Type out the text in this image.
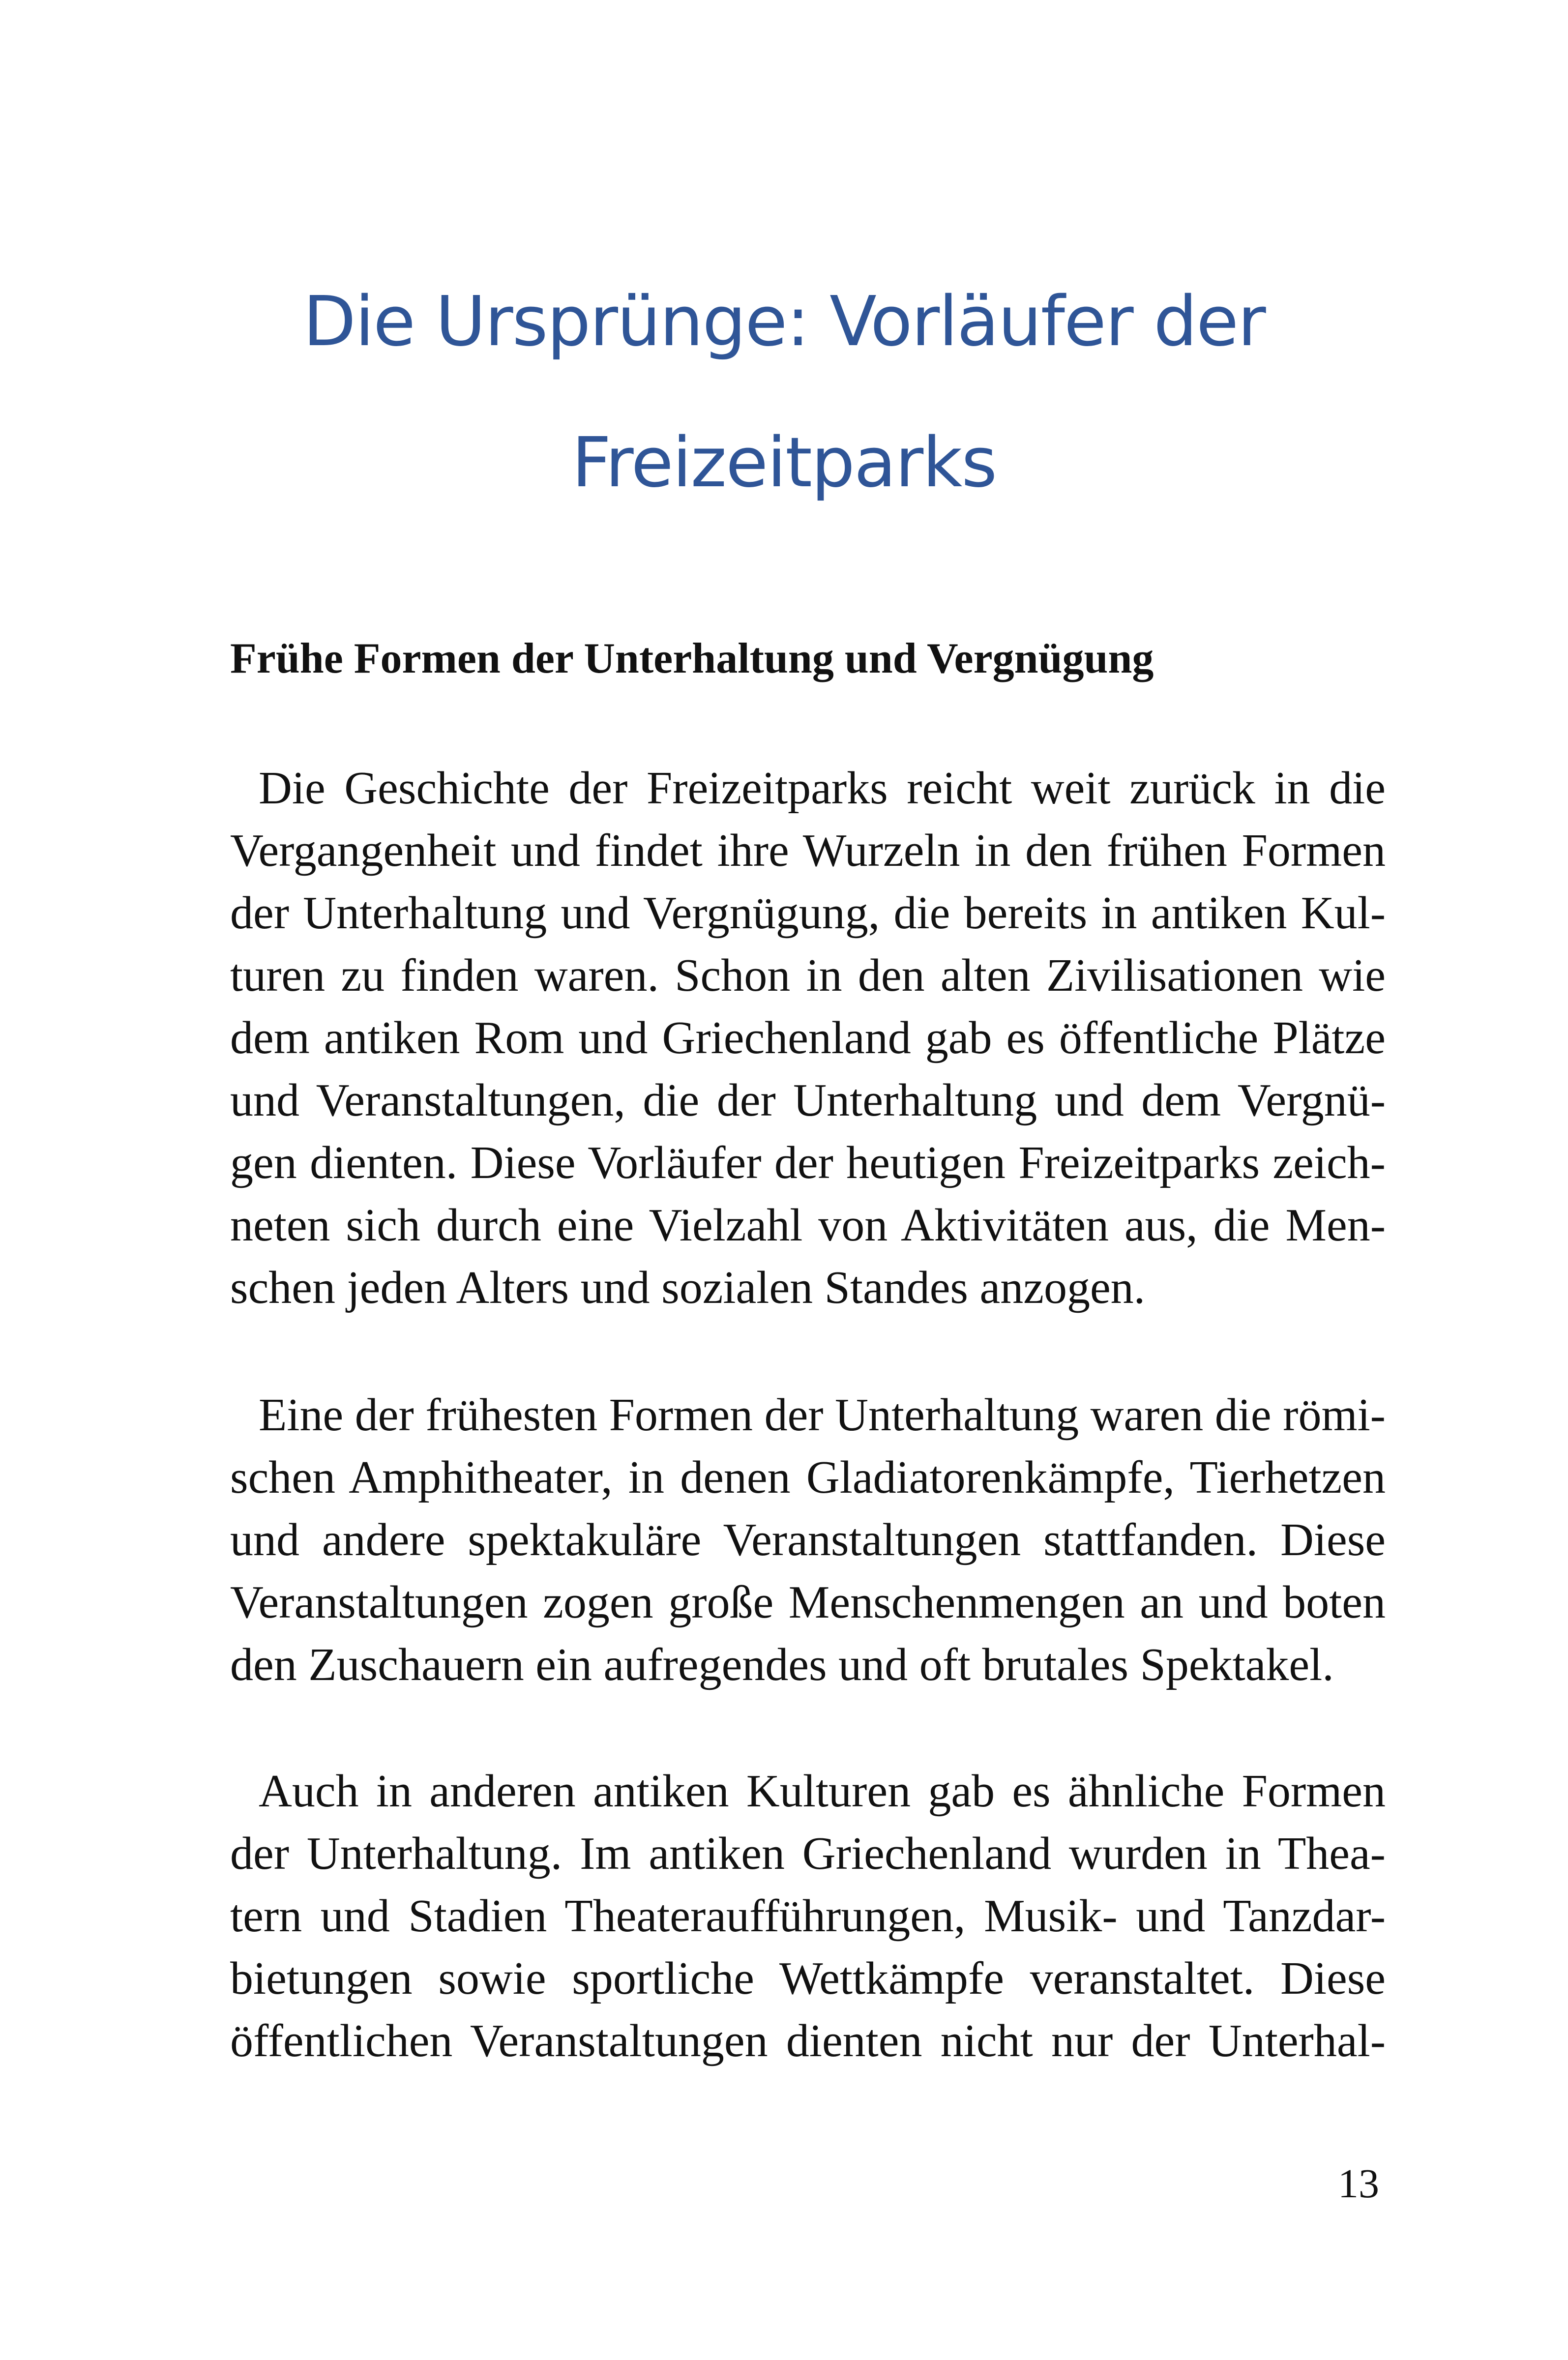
Die Ursprünge: Vorläufer der
Freizeitparks
Frühe Formen der Unterhaltung und Vergnügung
Die Geschichte der Freizeitparks reicht weit zurück in die
Vergangenheit und findet ihre Wurzeln in den frühen Formen
der Unterhaltung und Vergnügung, die bereits in antiken Kul-
turen zu finden waren. Schon in den alten Zivilisationen wie
dem antiken Rom und Griechenland gab es öffentliche Plätze
und Veranstaltungen, die der Unterhaltung und dem Vergnü-
gen dienten. Diese Vorläufer der heutigen Freizeitparks zeich-
neten sich durch eine Vielzahl von Aktivitäten aus, die Men-
schen jeden Alters und sozialen Standes anzogen.
Eine der frühesten Formen der Unterhaltung waren die römi-
schen Amphitheater, in denen Gladiatorenkämpfe, Tierhetzen
und andere spektakuläre Veranstaltungen stattfanden. Diese
Veranstaltungen zogen große Menschenmengen an und boten
den Zuschauern ein aufregendes und oft brutales Spektakel.
Auch in anderen antiken Kulturen gab es ähnliche Formen
der Unterhaltung. Im antiken Griechenland wurden in Thea-
tern und Stadien Theateraufführungen, Musik- und Tanzdar-
bietungen sowie sportliche Wettkämpfe veranstaltet. Diese
öffentlichen Veranstaltungen dienten nicht nur der Unterhal-
13
